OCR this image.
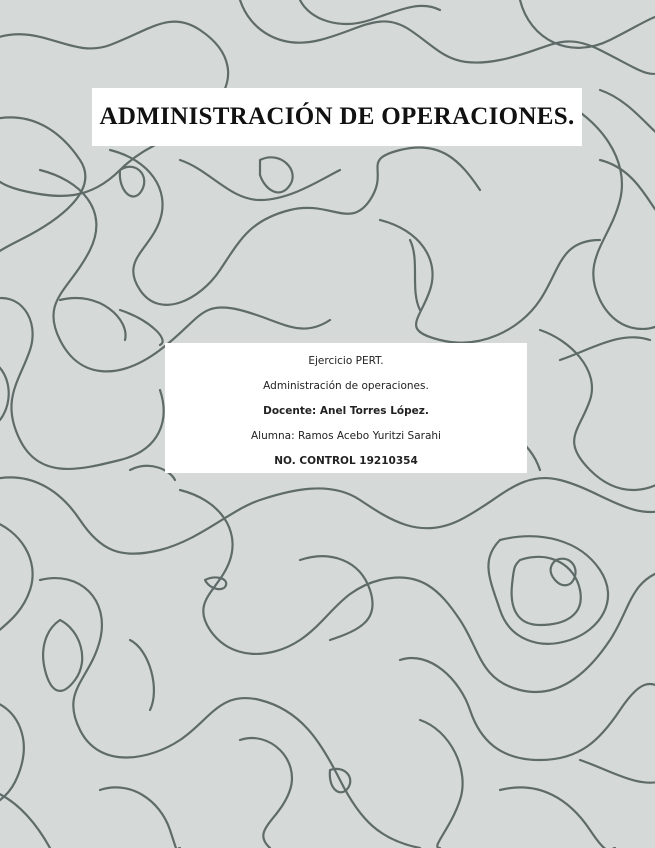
ADMINISTRACIÓN DE OPERACIONES.
Ejercicio PERT.
Administración de operaciones.
Docente: Anel Torres López.
Alumna: Ramos Acebo Yuritzi Sarahi
NO. CONTROL 19210354
